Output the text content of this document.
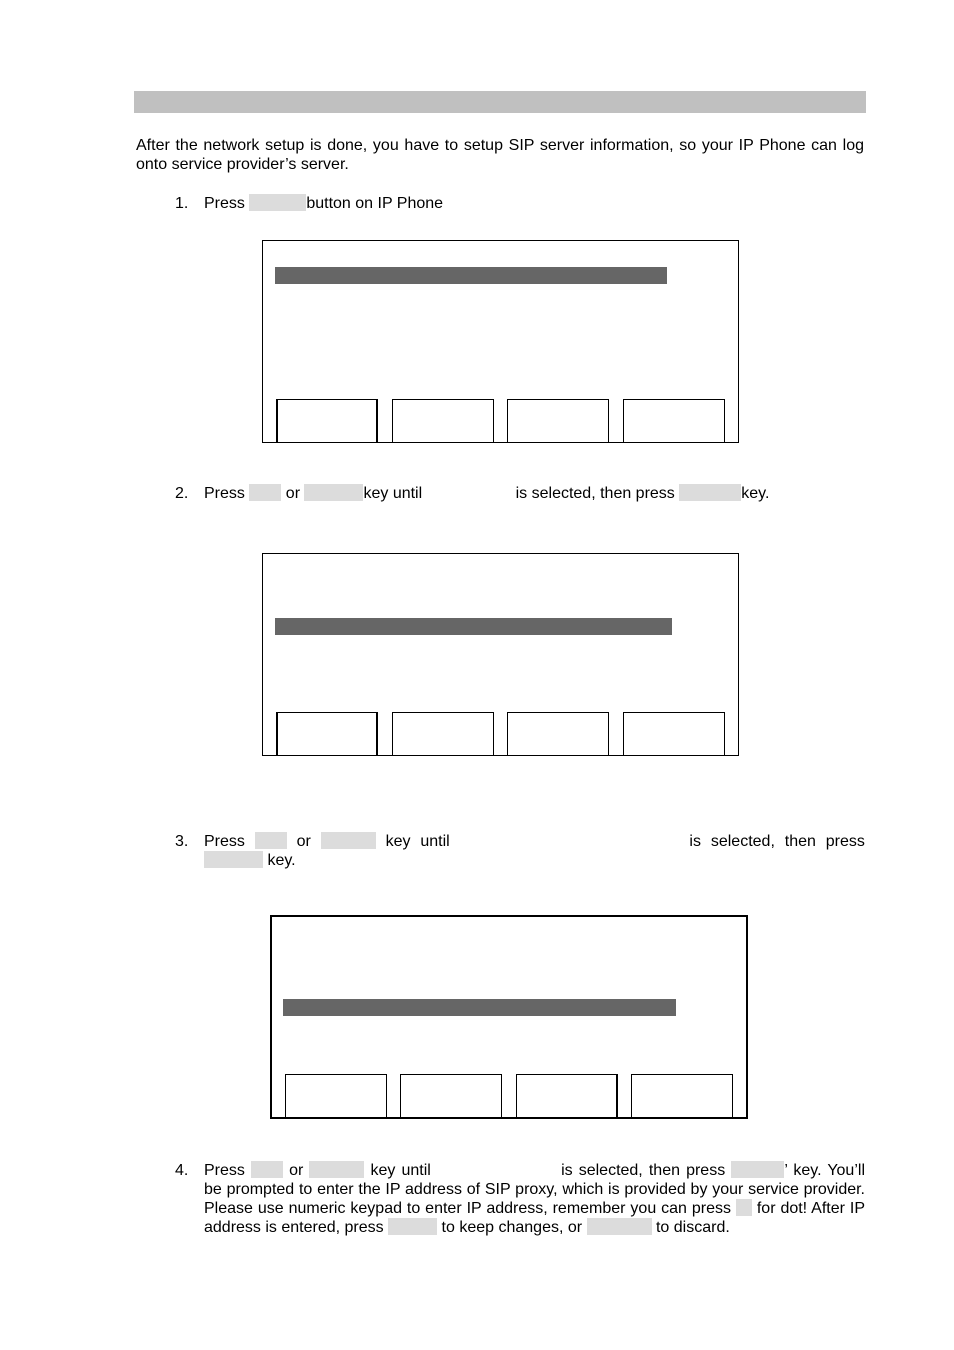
After the network setup is done, you have to setup SIP server information, so your IP Phone can log onto service provider’s server.
1. Press	button on IP Phone
2. Press  or	key until	is selected, then press	key.
3. Press	or	key until	is selected, then press
key.
4. Press  or	key until	is selected, then press	’ key. You’ll be prompted to enter the IP address of SIP proxy, which is provided by your service provider. Please use numeric keypad to enter IP address, remember you can press  for dot! After IP address is entered, press	to keep changes, or	to discard.
